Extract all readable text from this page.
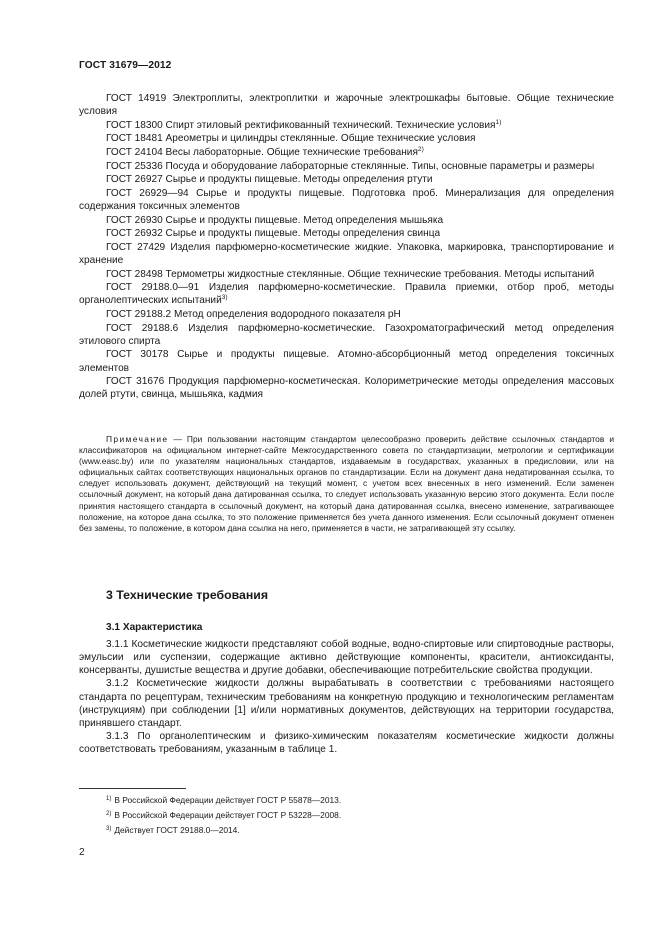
ГОСТ 31679—2012

ГОСТ 14919 Электроплиты, электроплитки и жарочные электрошкафы бытовые. Общие технические условия

ГОСТ 18300 Спирт этиловый ректификованный технический. Технические условия$^{1)}$

ГОСТ 18481 Ареометры и цилиндры стеклянные. Общие технические условия

ГОСТ 24104 Весы лабораторные. Общие технические требования$^{2)}$

ГОСТ 25336 Посуда и оборудование лабораторные стеклянные. Типы, основные параметры и размеры

ГОСТ 26927 Сырье и продукты пищевые. Методы определения ртути

ГОСТ 26929—94 Сырье и продукты пищевые. Подготовка проб. Минерализация для определения содержания токсичных элементов

ГОСТ 26930 Сырье и продукты пищевые. Метод определения мышьяка

ГОСТ 26932 Сырье и продукты пищевые. Методы определения свинца

ГОСТ 27429 Изделия парфюмерно-косметические жидкие. Упаковка, маркировка, транспортирование и хранение

ГОСТ 28498 Термометры жидкостные стеклянные. Общие технические требования. Методы испытаний

ГОСТ 29188.0—91 Изделия парфюмерно-косметические. Правила приемки, отбор проб, методы органолептических испытаний$^{3)}$

ГОСТ 29188.2 Метод определения водородного показателя pH

ГОСТ 29188.6 Изделия парфюмерно-косметические. Газохроматографический метод определения этилового спирта

ГОСТ 30178 Сырье и продукты пищевые. Атомно-абсорбционный метод определения токсичных элементов

ГОСТ 31676 Продукция парфюмерно-косметическая. Колориметрические методы определения массовых долей ртути, свинца, мышьяка, кадмия

Примечание — При пользовании настоящим стандартом целесообразно проверить действие ссылочных стандартов и классификаторов на официальном интернет-сайте Межгосударственного совета по стандартизации, метрологии и сертификации (www.easc.by) или по указателям национальных стандартов, издаваемым в государствах, указанных в предисловии, или на официальных сайтах соответствующих национальных органов по стандартизации. Если на документ дана недатированная ссылка, то следует использовать документ, действующий на текущий момент, с учетом всех внесенных в него изменений. Если заменен ссылочный документ, на который дана датированная ссылка, то следует использовать указанную версию этого документа. Если после принятия настоящего стандарта в ссылочный документ, на который дана датированная ссылка, внесено изменение, затрагивающее положение, на которое дана ссылка, то это положение применяется без учета данного изменения. Если ссылочный документ отменен без замены, то положение, в котором дана ссылка на него, применяется в части, не затрагивающей эту ссылку.

3 Технические требования
3.1 Характеристика

3.1.1 Косметические жидкости представляют собой водные, водно-спиртовые или спиртоводные растворы, эмульсии или суспензии, содержащие активно действующие компоненты, красители, антиоксиданты, консерванты, душистые вещества и другие добавки, обеспечивающие потребительские свойства продукции.

3.1.2 Косметические жидкости должны вырабатывать в соответствии с требованиями настоящего стандарта по рецептурам, техническим требованиям на конкретную продукцию и технологическим регламентам (инструкциям) при соблюдении [1] и/или нормативных документов, действующих на территории государства, принявшего стандарт.

3.1.3 По органолептическим и физико-химическим показателям косметические жидкости должны соответствовать требованиям, указанным в таблице 1.

$^{1)}$ В Российской Федерации действует ГОСТ Р 55878—2013.

$^{2)}$ В Российской Федерации действует ГОСТ Р 53228—2008.

$^{3)}$ Действует ГОСТ 29188.0—2014.

2
